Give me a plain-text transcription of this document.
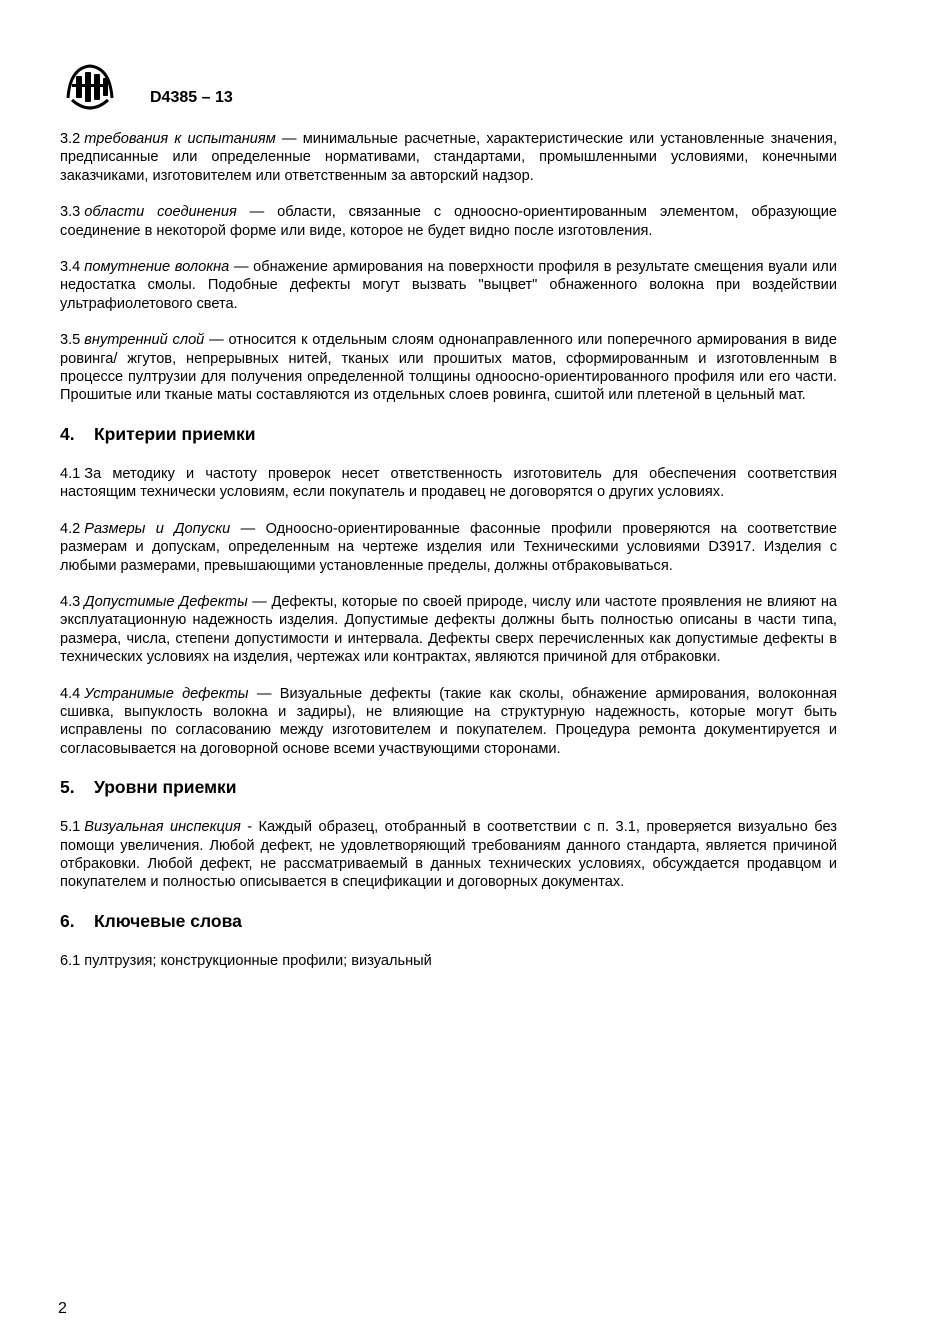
D4385 – 13

3.2 требования к испытаниям — минимальные расчетные, характеристические или установленные значения, предписанные или определенные нормативами, стандартами, промышленными условиями, конечными заказчиками, изготовителем или ответственным за авторский надзор.

3.3 области соединения — области, связанные с одноосно-ориентированным элементом, образующие соединение в некоторой форме или виде, которое не будет видно после изготовления.

3.4 помутнение волокна — обнажение армирования на поверхности профиля в результате смещения вуали или недостатка смолы. Подобные дефекты могут вызвать "выцвет" обнаженного волокна при воздействии ультрафиолетового света.

3.5 внутренний слой — относится к отдельным слоям однонаправленного или поперечного армирования в виде ровинга/ жгутов, непрерывных нитей, тканых или прошитых матов, сформированным и изготовленным в процессе пултрузии для получения определенной толщины одноосно-ориентированного профиля или его части. Прошитые или тканые маты составляются из отдельных слоев ровинга, сшитой или плетеной в цельный мат.

4. Критерии приемки

4.1 За методику и частоту проверок несет ответственность изготовитель для обеспечения соответствия настоящим технически условиям, если покупатель и продавец не договорятся о других условиях.

4.2 Размеры и Допуски — Одноосно-ориентированные фасонные профили проверяются на соответствие размерам и допускам, определенным на чертеже изделия или Техническими условиями D3917. Изделия с любыми размерами, превышающими установленные пределы, должны отбраковываться.

4.3 Допустимые Дефекты — Дефекты, которые по своей природе, числу или частоте проявления не влияют на эксплуатационную надежность изделия. Допустимые дефекты должны быть полностью описаны в части типа, размера, числа, степени допустимости и интервала. Дефекты сверх перечисленных как допустимые дефекты в технических условиях на изделия, чертежах или контрактах, являются причиной для отбраковки.

4.4 Устранимые дефекты — Визуальные дефекты (такие как сколы, обнажение армирования, волоконная сшивка, выпуклость волокна и задиры), не влияющие на структурную надежность, которые могут быть исправлены по согласованию между изготовителем и покупателем. Процедура ремонта документируется и согласовывается на договорной основе всеми участвующими сторонами.

5. Уровни приемки

5.1 Визуальная инспекция - Каждый образец, отобранный в соответствии с п. 3.1, проверяется визуально без помощи увеличения. Любой дефект, не удовлетворяющий требованиям данного стандарта, является причиной отбраковки. Любой дефект, не рассматриваемый в данных технических условиях, обсуждается продавцом и покупателем и полностью описывается в спецификации и договорных документах.

6. Ключевые слова

6.1 пултрузия; конструкционные профили; визуальный

2
